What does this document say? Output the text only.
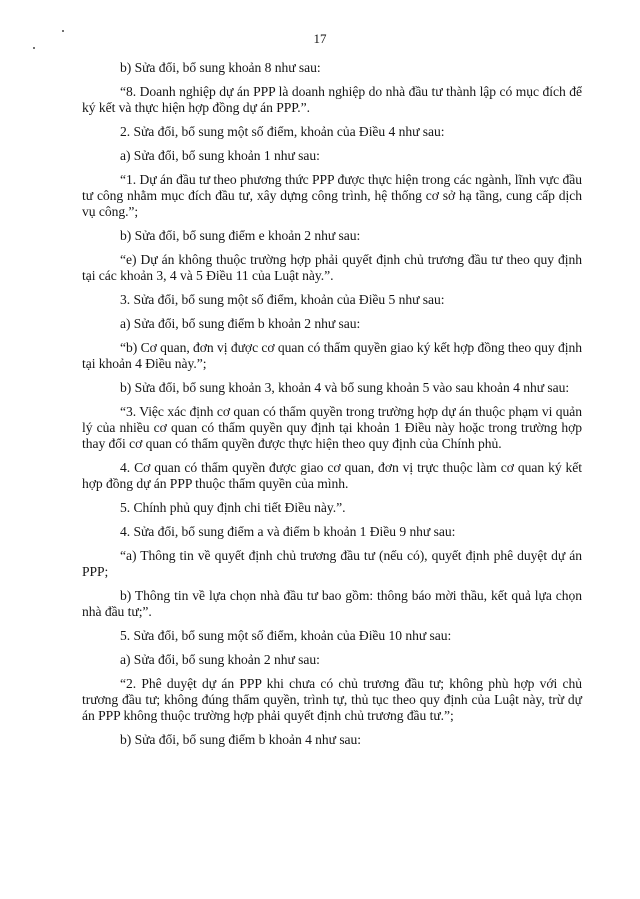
17

b) Sửa đổi, bổ sung khoản 8 như sau:

“8. Doanh nghiệp dự án PPP là doanh nghiệp do nhà đầu tư thành lập có mục đích để ký kết và thực hiện hợp đồng dự án PPP.”.

2. Sửa đổi, bổ sung một số điểm, khoản của Điều 4 như sau:

a) Sửa đổi, bổ sung khoản 1 như sau:

“1. Dự án đầu tư theo phương thức PPP được thực hiện trong các ngành, lĩnh vực đầu tư công nhằm mục đích đầu tư, xây dựng công trình, hệ thống cơ sở hạ tầng, cung cấp dịch vụ công.”;

b) Sửa đổi, bổ sung điểm e khoản 2 như sau:

“e) Dự án không thuộc trường hợp phải quyết định chủ trương đầu tư theo quy định tại các khoản 3, 4 và 5 Điều 11 của Luật này.”.

3. Sửa đổi, bổ sung một số điểm, khoản của Điều 5 như sau:

a) Sửa đổi, bổ sung điểm b khoản 2 như sau:

“b) Cơ quan, đơn vị được cơ quan có thẩm quyền giao ký kết hợp đồng theo quy định tại khoản 4 Điều này.”;

b) Sửa đổi, bổ sung khoản 3, khoản 4 và bổ sung khoản 5 vào sau khoản 4 như sau:

“3. Việc xác định cơ quan có thẩm quyền trong trường hợp dự án thuộc phạm vi quản lý của nhiều cơ quan có thẩm quyền quy định tại khoản 1 Điều này hoặc trong trường hợp thay đổi cơ quan có thẩm quyền được thực hiện theo quy định của Chính phủ.

4. Cơ quan có thẩm quyền được giao cơ quan, đơn vị trực thuộc làm cơ quan ký kết hợp đồng dự án PPP thuộc thẩm quyền của mình.

5. Chính phủ quy định chi tiết Điều này.”.

4. Sửa đổi, bổ sung điểm a và điểm b khoản 1 Điều 9 như sau:

“a) Thông tin về quyết định chủ trương đầu tư (nếu có), quyết định phê duyệt dự án PPP;

b) Thông tin về lựa chọn nhà đầu tư bao gồm: thông báo mời thầu, kết quả lựa chọn nhà đầu tư;”.

5. Sửa đổi, bổ sung một số điểm, khoản của Điều 10 như sau:

a) Sửa đổi, bổ sung khoản 2 như sau:

“2. Phê duyệt dự án PPP khi chưa có chủ trương đầu tư; không phù hợp với chủ trương đầu tư; không đúng thẩm quyền, trình tự, thủ tục theo quy định của Luật này, trừ dự án PPP không thuộc trường hợp phải quyết định chủ trương đầu tư.”;

b) Sửa đổi, bổ sung điểm b khoản 4 như sau:
